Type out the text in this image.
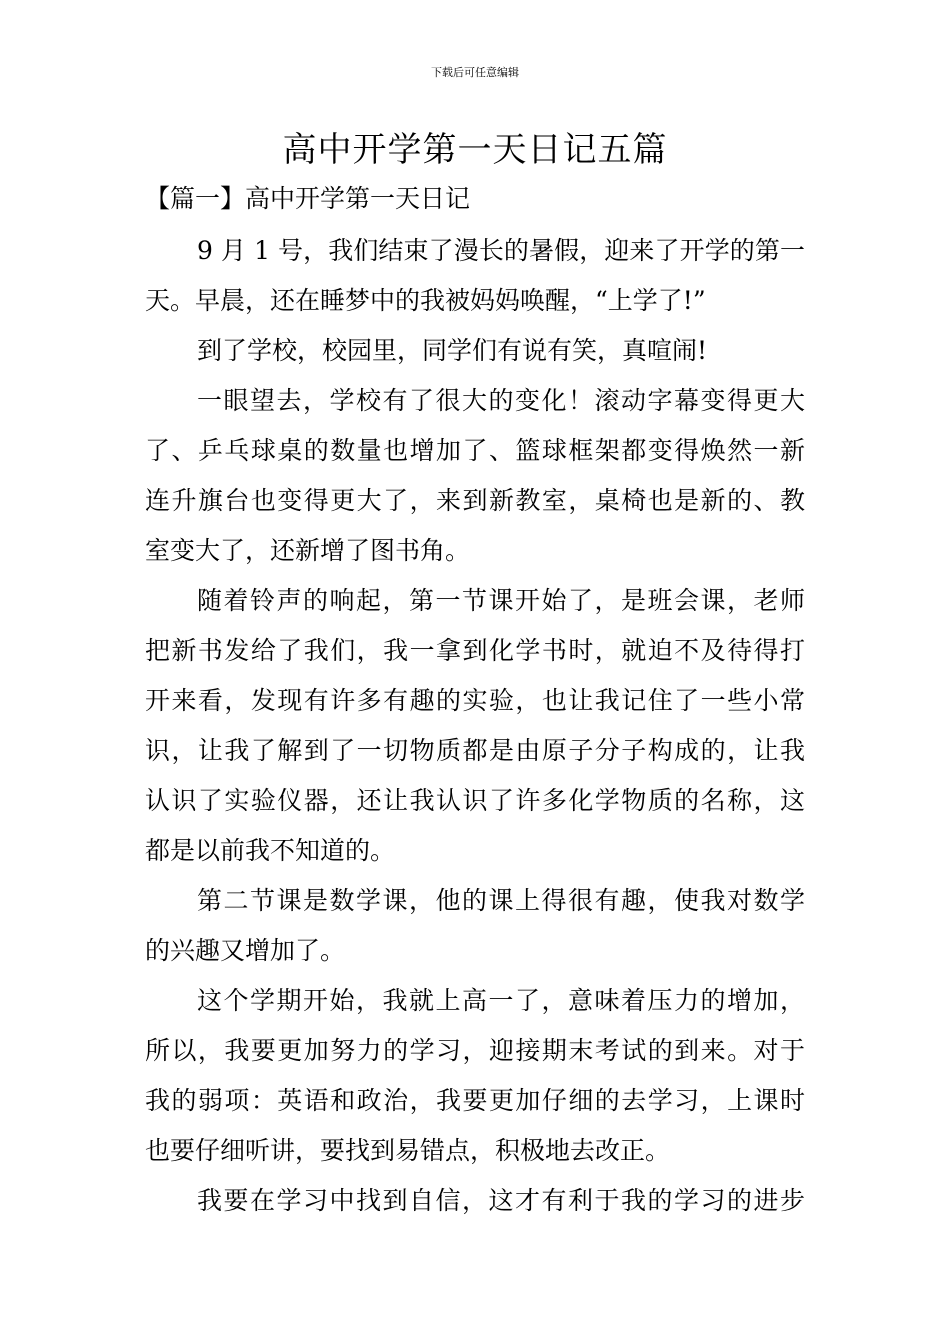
下载后可任意编辑
高中开学第一天日记五篇
【篇一】高中开学第一天日记
9 月 1 号，我们结束了漫长的暑假，迎来了开学的第一
天。早晨，还在睡梦中的我被妈妈唤醒，“上学了!”
到了学校，校园里，同学们有说有笑，真喧闹!
一眼望去，学校有了很大的变化！滚动字幕变得更大
了、乒乓球桌的数量也增加了、篮球框架都变得焕然一新
连升旗台也变得更大了，来到新教室，桌椅也是新的、教
室变大了，还新增了图书角。
随着铃声的响起，第一节课开始了，是班会课，老师
把新书发给了我们，我一拿到化学书时，就迫不及待得打
开来看，发现有许多有趣的实验，也让我记住了一些小常
识，让我了解到了一切物质都是由原子分子构成的，让我
认识了实验仪器，还让我认识了许多化学物质的名称，这
都是以前我不知道的。
第二节课是数学课，他的课上得很有趣，使我对数学
的兴趣又增加了。
这个学期开始，我就上高一了，意味着压力的增加，
所以，我要更加努力的学习，迎接期末考试的到来。对于
我的弱项：英语和政治，我要更加仔细的去学习，上课时
也要仔细听讲，要找到易错点，积极地去改正。
我要在学习中找到自信，这才有利于我的学习的进步
